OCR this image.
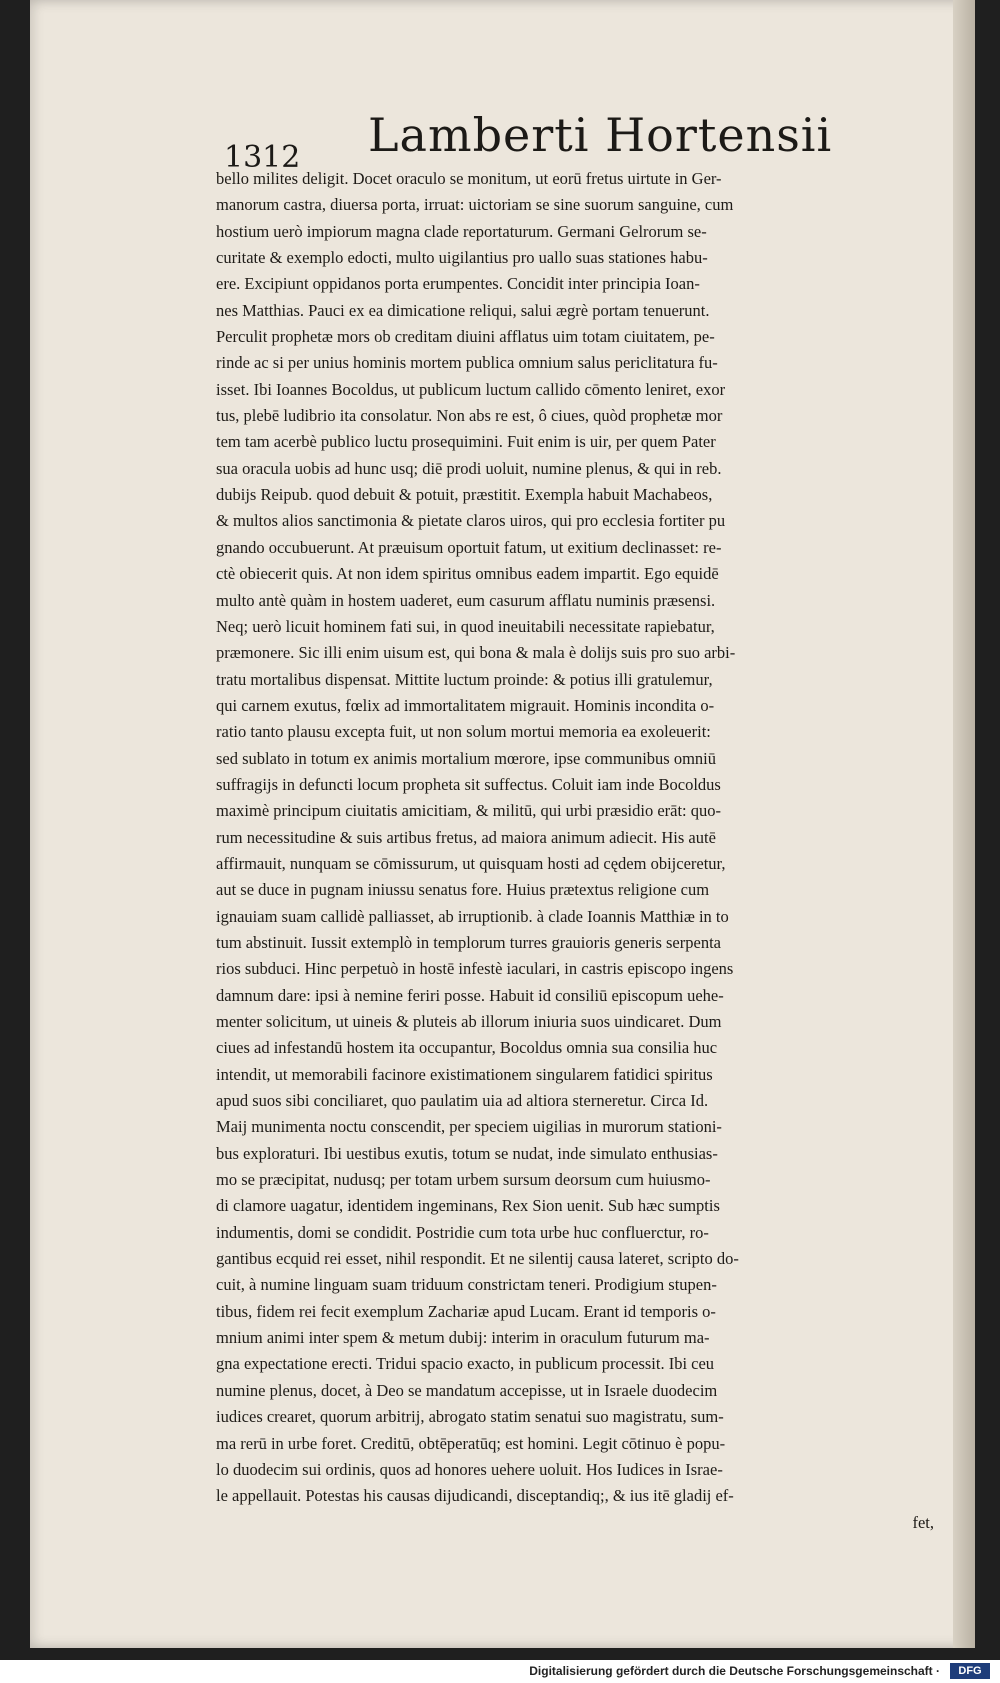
1312 Lamberti Hortensii
bello milites deligit. Docet oraculo se monitum, ut eorū fretus uirtute in Ger-
manorum castra, diuersa porta, irruat: uictoriam se sine suorum sanguine, cum
hostium uerò impiorum magna clade reportaturum. Germani Gelrorum se-
curitate & exemplo edocti, multo uigilantius pro uallo suas stationes habu-
ere. Excipiunt oppidanos porta erumpentes. Concidit inter principia Ioan-
nes Matthias. Pauci ex ea dimicatione reliqui, salui ægrè portam tenuerunt.
Perculit prophetæ mors ob creditam diuini afflatus uim totam ciuitatem, pe-
rinde ac si per unius hominis mortem publica omnium salus periclitatura fu-
isset. Ibi Ioannes Bocoldus, ut publicum luctum callido cōmento leniret, exor
tus, plebē ludibrio ita consolatur. Non abs re est, ô ciues, quòd prophetæ mor
tem tam acerbè publico luctu prosequimini. Fuit enim is uir, per quem Pater
sua oracula uobis ad hunc usq; diē prodi uoluit, numine plenus, & qui in reb.
dubijs Reipub. quod debuit & potuit, præstitit. Exempla habuit Machabeos,
& multos alios sanctimonia & pietate claros uiros, qui pro ecclesia fortiter pu
gnando occubuerunt. At præuisum oportuit fatum, ut exitium declinasset: re-
ctè obiecerit quis. At non idem spiritus omnibus eadem impartit. Ego equidē
multo antè quàm in hostem uaderet, eum casurum afflatu numinis præsensi.
Neq; uerò licuit hominem fati sui, in quod ineuitabili necessitate rapiebatur,
præmonere. Sic illi enim uisum est, qui bona & mala è dolijs suis pro suo arbi-
tratu mortalibus dispensat. Mittite luctum proinde: & potius illi gratulemur,
qui carnem exutus, fœlix ad immortalitatem migrauit. Hominis incondita o-
ratio tanto plausu excepta fuit, ut non solum mortui memoria ea exoleuerit:
sed sublato in totum ex animis mortalium mœrore, ipse communibus omniū
suffragijs in defuncti locum propheta sit suffectus. Coluit iam inde Bocoldus
maximè principum ciuitatis amicitiam, & militū, qui urbi præsidio erāt: quo-
rum necessitudine & suis artibus fretus, ad maiora animum adiecit. His autē
affirmauit, nunquam se cōmissurum, ut quisquam hosti ad cędem obijceretur,
aut se duce in pugnam iniussu senatus fore. Huius prætextus religione cum
ignauiam suam callidè palliasset, ab irruptionib. à clade Ioannis Matthiæ in to
tum abstinuit. Iussit extemplò in templorum turres grauioris generis serpenta
rios subduci. Hinc perpetuò in hostē infestè iaculari, in castris episcopo ingens
damnum dare: ipsi à nemine feriri posse. Habuit id consiliū episcopum uehe-
menter solicitum, ut uineis & pluteis ab illorum iniuria suos uindicaret. Dum
ciues ad infestandū hostem ita occupantur, Bocoldus omnia sua consilia huc
intendit, ut memorabili facinore existimationem singularem fatidici spiritus
apud suos sibi conciliaret, quo paulatim uia ad altiora sterneretur. Circa Id.
Maij munimenta noctu conscendit, per speciem uigilias in murorum stationi-
bus exploraturi. Ibi uestibus exutis, totum se nudat, inde simulato enthusias-
mo se præcipitat, nudusq; per totam urbem sursum deorsum cum huiusmo-
di clamore uagatur, identidem ingeminans, Rex Sion uenit. Sub hæc sumptis
indumentis, domi se condidit. Postridie cum tota urbe huc confluerctur, ro-
gantibus ecquid rei esset, nihil respondit. Et ne silentij causa lateret, scripto do-
cuit, à numine linguam suam triduum constrictam teneri. Prodigium stupen-
tibus, fidem rei fecit exemplum Zachariæ apud Lucam. Erant id temporis o-
mnium animi inter spem & metum dubij: interim in oraculum futurum ma-
gna expectatione erecti. Tridui spacio exacto, in publicum processit. Ibi ceu
numine plenus, docet, à Deo se mandatum accepisse, ut in Israele duodecim
iudices crearet, quorum arbitrij, abrogato statim senatui suo magistratu, sum-
ma rerū in urbe foret. Creditū, obtēperatūq; est homini. Legit cōtinuo è popu-
lo duodecim sui ordinis, quos ad honores uehere uoluit. Hos Iudices in Israe-
le appellauit. Potestas his causas dijudicandi, disceptandiq;, & ius itē gladij ef-
fet,
Digitalisierung gefördert durch die Deutsche Forschungsgemeinschaft ·	DFG
